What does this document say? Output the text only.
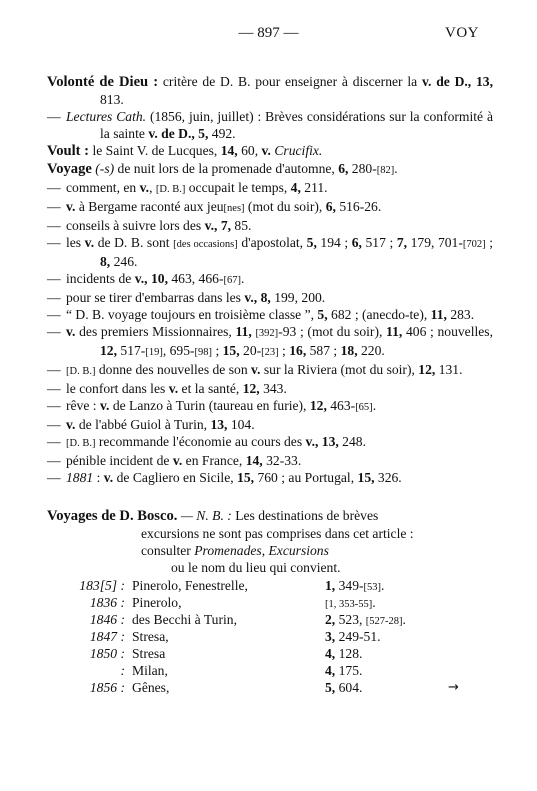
— 897 —	VOY

Volonté de Dieu : critère de D. B. pour enseigner à discerner la v. de D., 13, 813.

— Lectures Cath. (1856, juin, juillet) : Brèves considérations sur la conformité à la sainte v. de D., 5, 492.

Voult : le Saint V. de Lucques, 14, 60, v. Crucifix.

Voyage (-s) de nuit lors de la promenade d'automne, 6, 280-[82].

— comment, en v., [D. B.] occupait le temps, 4, 211.

— v. à Bergame raconté aux jeu[nes] (mot du soir), 6, 516-26.

— conseils à suivre lors des v., 7, 85.

— les v. de D. B. sont [des occasions] d'apostolat, 5, 194 ; 6, 517 ; 7, 179, 701-[702] ; 8, 246.

— incidents de v., 10, 463, 466-[67].

— pour se tirer d'embarras dans les v., 8, 199, 200.

— “ D. B. voyage toujours en troisième classe ”, 5, 682 ; (anecdo-te), 11, 283.

— v. des premiers Missionnaires, 11, [392]-93 ; (mot du soir), 11, 406 ; nouvelles, 12, 517-[19], 695-[98] ; 15, 20-[23] ; 16, 587 ; 18, 220.

— [D. B.] donne des nouvelles de son v. sur la Riviera (mot du soir), 12, 131.

— le confort dans les v. et la santé, 12, 343.

— rêve : v. de Lanzo à Turin (taureau en furie), 12, 463-[65].

— v. de l'abbé Guiol à Turin, 13, 104.

— [D. B.] recommande l'économie au cours des v., 13, 248.

— pénible incident de v. en France, 14, 32-33.

— 1881 : v. de Cagliero en Sicile, 15, 760 ; au Portugal, 15, 326.

Voyages de D. Bosco. — N. B. : Les destinations de brèves

excursions ne sont pas comprises dans cet article :
consulter Promenades, Excursions
ou le nom du lieu qui convient.
183[5] : Pinerolo, Fenestrelle,	1, 349-[53].
1836 : Pinerolo,	[1, 353-55].
1846 : des Becchi à Turin,	2, 523, [527-28].
1847 : Stresa,	3, 249-51.
1850 : Stresa	4, 128.
: Milan,	4, 175.
1856 : Gênes,	5, 604.	→
